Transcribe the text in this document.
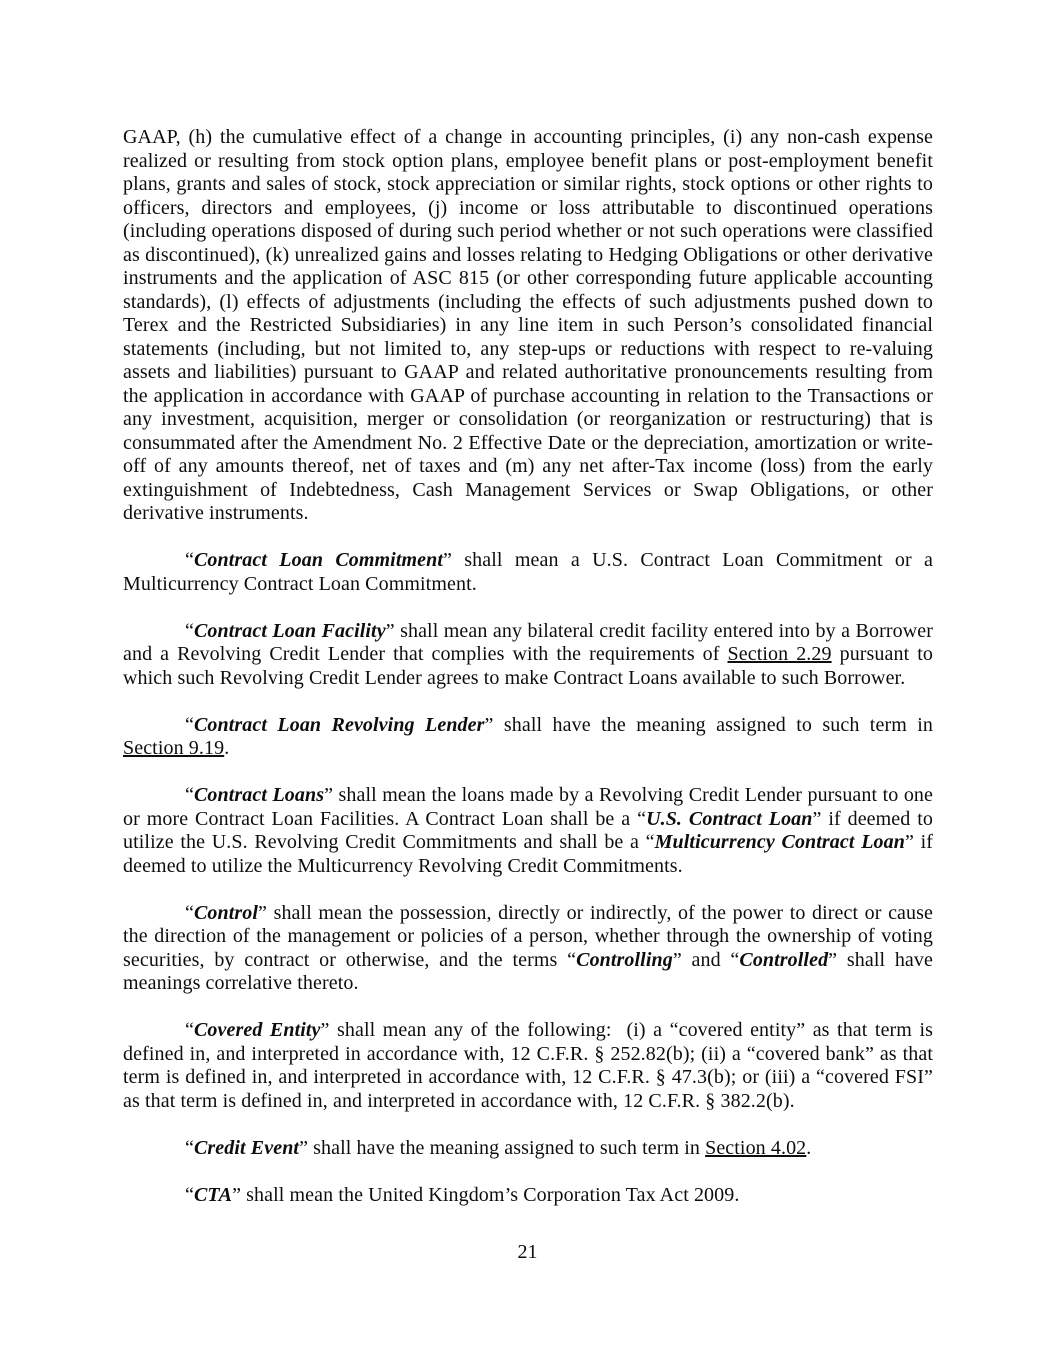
GAAP, (h) the cumulative effect of a change in accounting principles, (i) any non-cash expense realized or resulting from stock option plans, employee benefit plans or post-employment benefit plans, grants and sales of stock, stock appreciation or similar rights, stock options or other rights to officers, directors and employees, (j) income or loss attributable to discontinued operations (including operations disposed of during such period whether or not such operations were classified as discontinued), (k) unrealized gains and losses relating to Hedging Obligations or other derivative instruments and the application of ASC 815 (or other corresponding future applicable accounting standards), (l) effects of adjustments (including the effects of such adjustments pushed down to Terex and the Restricted Subsidiaries) in any line item in such Person’s consolidated financial statements (including, but not limited to, any step-ups or reductions with respect to re-valuing assets and liabilities) pursuant to GAAP and related authoritative pronouncements resulting from the application in accordance with GAAP of purchase accounting in relation to the Transactions or any investment, acquisition, merger or consolidation (or reorganization or restructuring) that is consummated after the Amendment No. 2 Effective Date or the depreciation, amortization or write-off of any amounts thereof, net of taxes and (m) any net after-Tax income (loss) from the early extinguishment of Indebtedness, Cash Management Services or Swap Obligations, or other derivative instruments.

“Contract Loan Commitment” shall mean a U.S. Contract Loan Commitment or a Multicurrency Contract Loan Commitment.

“Contract Loan Facility” shall mean any bilateral credit facility entered into by a Borrower and a Revolving Credit Lender that complies with the requirements of Section 2.29 pursuant to which such Revolving Credit Lender agrees to make Contract Loans available to such Borrower.

“Contract Loan Revolving Lender” shall have the meaning assigned to such term in Section 9.19.

“Contract Loans” shall mean the loans made by a Revolving Credit Lender pursuant to one or more Contract Loan Facilities. A Contract Loan shall be a “U.S. Contract Loan” if deemed to utilize the U.S. Revolving Credit Commitments and shall be a “Multicurrency Contract Loan” if deemed to utilize the Multicurrency Revolving Credit Commitments.

“Control” shall mean the possession, directly or indirectly, of the power to direct or cause the direction of the management or policies of a person, whether through the ownership of voting securities, by contract or otherwise, and the terms “Controlling” and “Controlled” shall have meanings correlative thereto.

“Covered Entity” shall mean any of the following:  (i) a “covered entity” as that term is defined in, and interpreted in accordance with, 12 C.F.R. § 252.82(b); (ii) a “covered bank” as that term is defined in, and interpreted in accordance with, 12 C.F.R. § 47.3(b); or (iii) a “covered FSI” as that term is defined in, and interpreted in accordance with, 12 C.F.R. § 382.2(b).

“Credit Event” shall have the meaning assigned to such term in Section 4.02.

“CTA” shall mean the United Kingdom’s Corporation Tax Act 2009.

21
